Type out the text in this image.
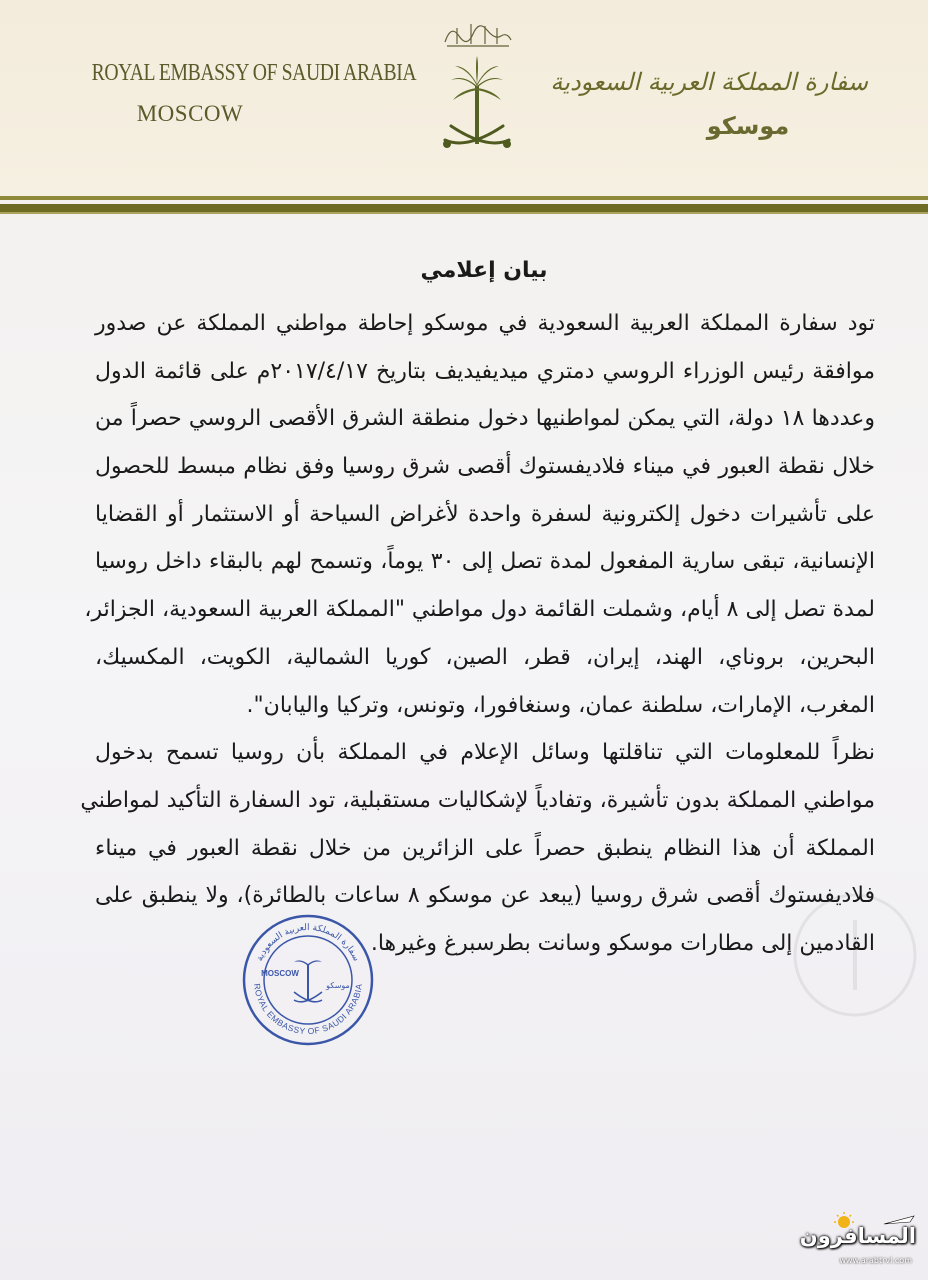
ROYAL EMBASSY OF SAUDI ARABIA
MOSCOW
سفارة المملكة العربية السعودية
موسكو
بيان إعلامي
تود سفارة المملكة العربية السعودية في موسكو إحاطة مواطني المملكة عن صدور
موافقة رئيس الوزراء الروسي دمتري ميديفيديف بتاريخ ٢٠١٧/٤/١٧م على قائمة الدول
وعددها ١٨ دولة، التي يمكن لمواطنيها دخول منطقة الشرق الأقصى الروسي حصراً من
خلال نقطة العبور في ميناء فلاديفستوك أقصى شرق روسيا وفق نظام مبسط للحصول
على تأشيرات دخول إلكترونية لسفرة واحدة لأغراض السياحة أو الاستثمار أو القضايا
الإنسانية، تبقى سارية المفعول لمدة تصل إلى ٣٠ يوماً، وتسمح لهم بالبقاء داخل روسيا
لمدة تصل إلى ٨ أيام، وشملت القائمة دول مواطني "المملكة العربية السعودية، الجزائر،
البحرين، بروناي، الهند، إيران، قطر، الصين، كوريا الشمالية، الكويت، المكسيك،
المغرب، الإمارات، سلطنة عمان، وسنغافورا، وتونس، وتركيا واليابان".
نظراً للمعلومات التي تناقلتها وسائل الإعلام في المملكة بأن روسيا تسمح بدخول
مواطني المملكة بدون تأشيرة، وتفادياً لإشكاليات مستقبلية، تود السفارة التأكيد لمواطني
المملكة أن هذا النظام ينطبق حصراً على الزائرين من خلال نقطة العبور في ميناء
فلاديفستوك أقصى شرق روسيا (يبعد عن موسكو ٨ ساعات بالطائرة)، ولا ينطبق على
القادمين إلى مطارات موسكو وسانت بطرسبرغ وغيرها.
سفارة المملكة العربية السعودية
ROYAL EMBASSY OF SAUDI ARABIA
MOSCOW
موسكو
المسافرون
www.arabtrvl.com
